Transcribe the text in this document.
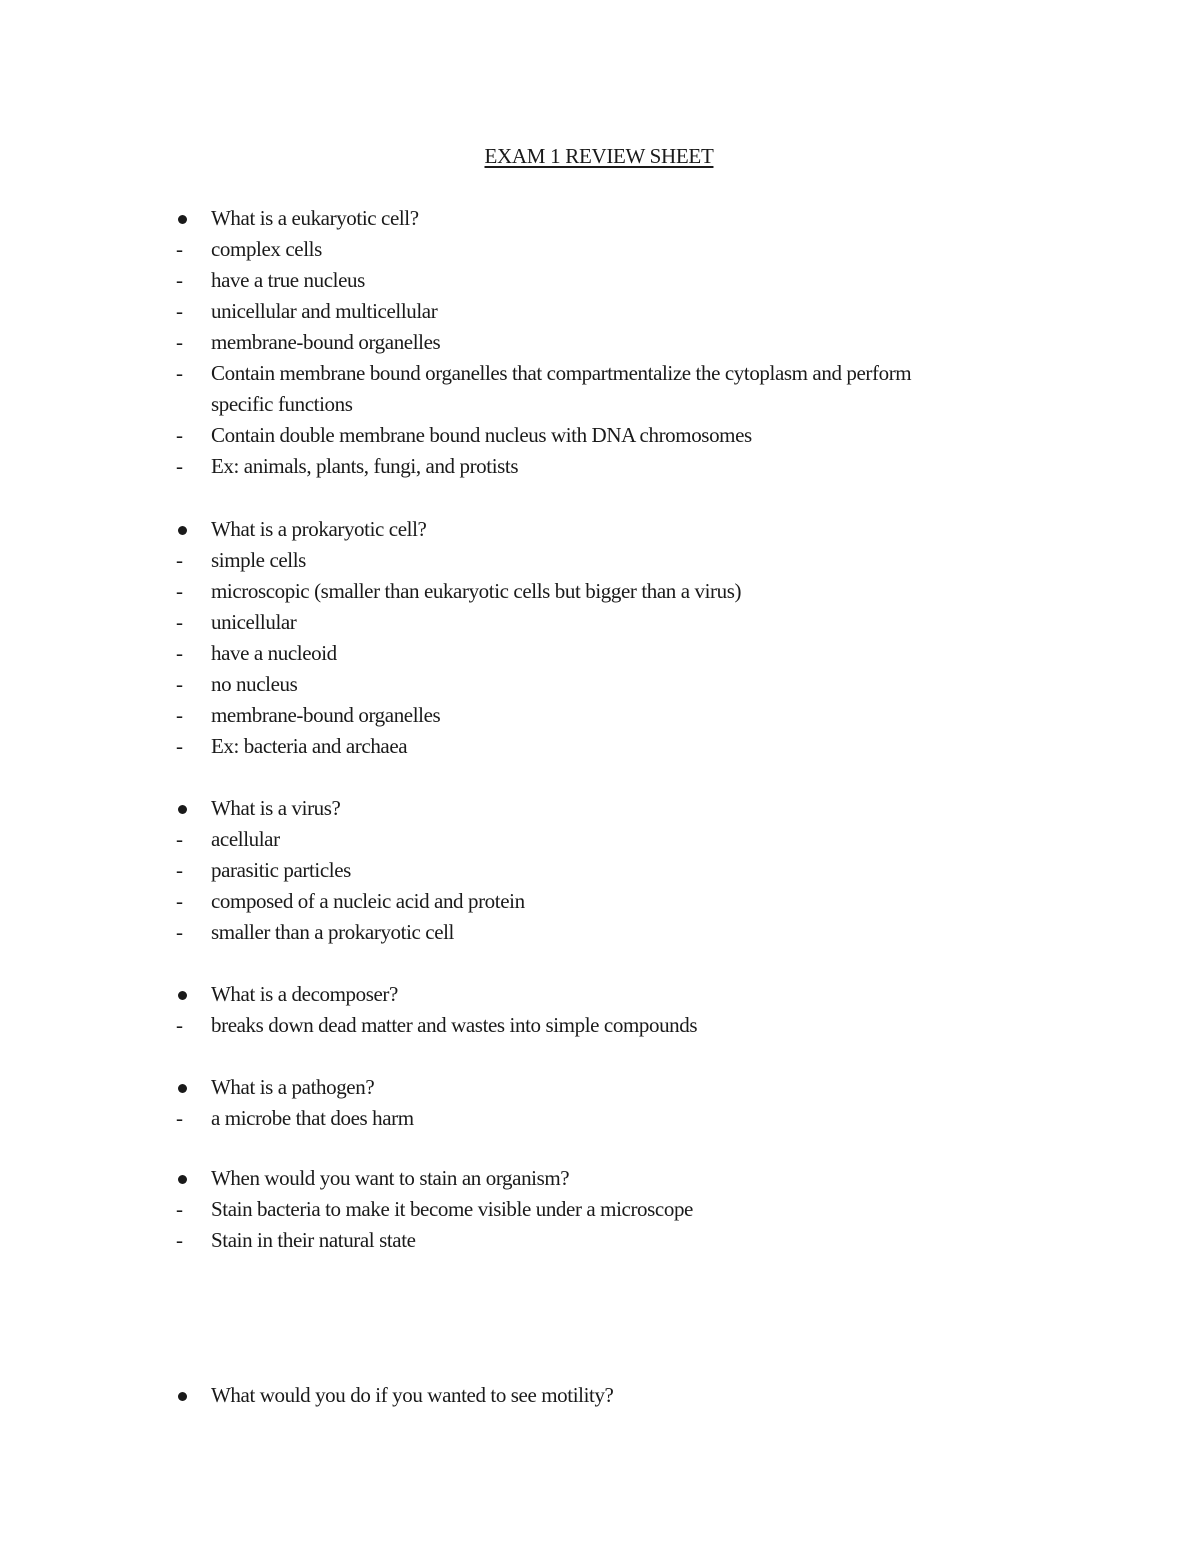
EXAM 1 REVIEW SHEET
What is a eukaryotic cell?
- complex cells
- have a true nucleus
- unicellular and multicellular
- membrane-bound organelles
- Contain membrane bound organelles that compartmentalize the cytoplasm and perform
specific functions
- Contain double membrane bound nucleus with DNA chromosomes
- Ex: animals, plants, fungi, and protists
What is a prokaryotic cell?
- simple cells
- microscopic (smaller than eukaryotic cells but bigger than a virus)
- unicellular
- have a nucleoid
- no nucleus
- membrane-bound organelles
- Ex: bacteria and archaea
What is a virus?
- acellular
- parasitic particles
- composed of a nucleic acid and protein
- smaller than a prokaryotic cell
What is a decomposer?
- breaks down dead matter and wastes into simple compounds
What is a pathogen?
- a microbe that does harm
When would you want to stain an organism?
- Stain bacteria to make it become visible under a microscope
- Stain in their natural state
What would you do if you wanted to see motility?
